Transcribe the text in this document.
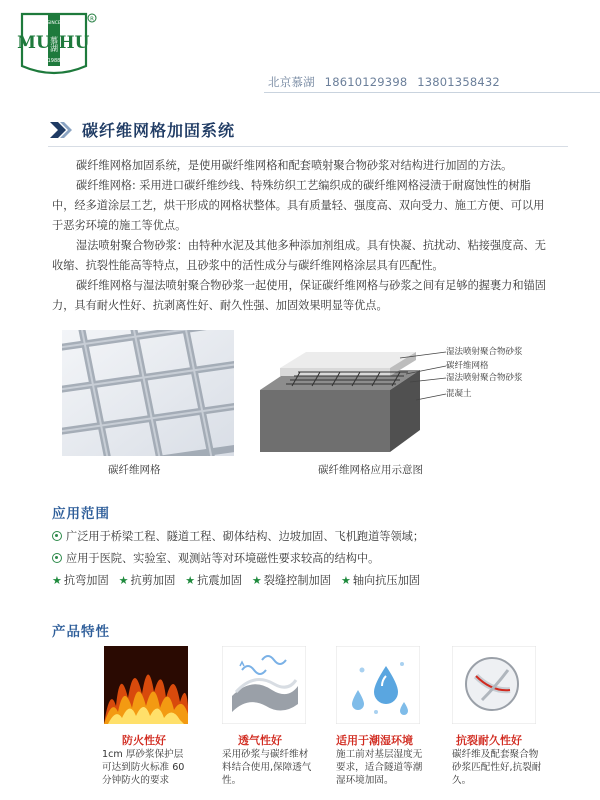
SINCE
1988
MU HU
慕湖
R
北京慕湖 18610129398 13801358432
碳纤维网格加固系统
碳纤维网格加固系统，是使用碳纤维网格和配套喷射聚合物砂浆对结构进行加固的方法。
碳纤维网格: 采用进口碳纤维纱线、特殊纺织工艺编织成的碳纤维网格浸渍于耐腐蚀性的树脂中，经多道涂层工艺，烘干形成的网格状整体。具有质量轻、强度高、双向受力、施工方便、可以用于恶劣环境的施工等优点。
湿法喷射聚合物砂浆：由特种水泥及其他多种添加剂组成。具有快凝、抗扰动、粘接强度高、无收缩、抗裂性能高等特点，且砂浆中的活性成分与碳纤维网格涂层具有匹配性。
碳纤维网格与湿法喷射聚合物砂浆一起使用，保证碳纤维网格与砂浆之间有足够的握裹力和锚固力，具有耐火性好、抗剥离性好、耐久性强、加固效果明显等优点。
碳纤维网格
湿法喷射聚合物砂浆
碳纤维网格
湿法喷射聚合物砂浆
混凝土
碳纤维网格应用示意图
应用范围
广泛用于桥梁工程、隧道工程、砌体结构、边坡加固、飞机跑道等领域；
应用于医院、实验室、观测站等对环境磁性要求较高的结构中。
★ 抗弯加固 ★ 抗剪加固 ★ 抗震加固 ★ 裂缝控制加固 ★ 轴向抗压加固
产品特性
防火性好	透气性好	适用于潮湿环境	抗裂耐久性好
1cm 厚砂浆保护层可达到防火标准 60 分钟防火的要求
采用砂浆与碳纤维材料结合使用,保障透气性。
施工前对基层湿度无要求，适合隧道等潮湿环境加固。
碳纤维及配套聚合物砂浆匹配性好,抗裂耐久。
